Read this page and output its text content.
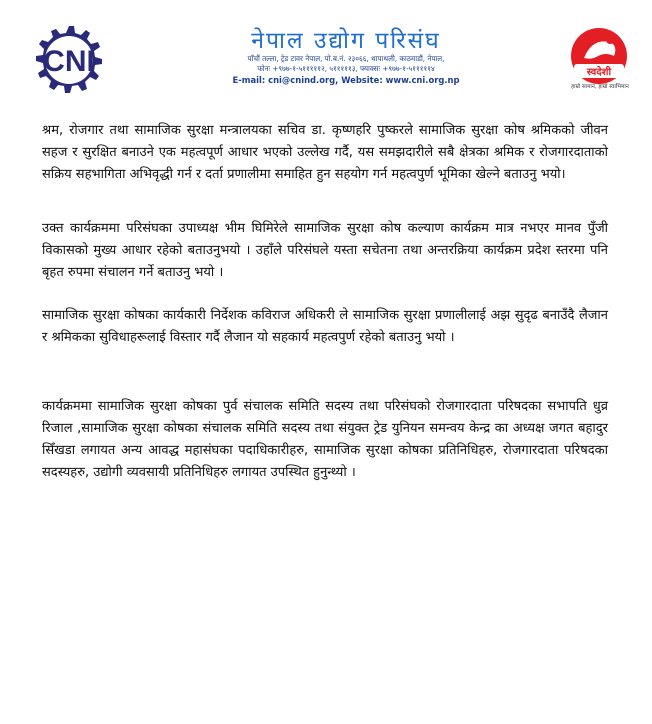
CNI
नेपाल उद्योग परिसंघ
पाँचौं तल्ला, ट्रेड टावर नेपाल, पो.ब.नं. २३०६६, थापाथली, काठमाडौं, नेपाल,
फोनः +९७७-१-५१११११२, ५१११११३, फ्याक्सः +९७७-१-५१११११४
E-mail: cni@cnind.org, Website: www.cni.org.np
स्वदेशी
हाम्रो सामान, हाम्रो स्वाभिमान

श्रम, रोजगार तथा सामाजिक सुरक्षा मन्त्रालयका सचिव डा. कृष्णहरि पुष्करले सामाजिक सुरक्षा कोष श्रमिकको जीवन सहज र सुरक्षित बनाउने एक महत्वपूर्ण आधार भएको उल्लेख गर्दै, यस समझदारीले सबै क्षेत्रका श्रमिक र रोजगारदाताको सक्रिय सहभागिता अभिवृद्धी गर्न र दर्ता प्रणालीमा समाहित हुन सहयोग गर्न महत्वपुर्ण भूमिका खेल्ने बताउनु भयो।

उक्त कार्यक्रममा परिसंघका उपाध्यक्ष भीम घिमिरेले सामाजिक सुरक्षा कोष कल्याण कार्यक्रम मात्र नभएर मानव पुँजी विकासको मुख्य आधार रहेको बताउनुभयो । उहाँले परिसंघले यस्ता सचेतना तथा अन्तरक्रिया कार्यक्रम प्रदेश स्तरमा पनि बृहत रुपमा संचालन गर्ने बताउनु भयो ।

सामाजिक सुरक्षा कोषका कार्यकारी निर्देशक कविराज अधिकरी ले सामाजिक सुरक्षा प्रणालीलाई अझ सुदृढ बनाउँदै लैजान र श्रमिकका सुविधाहरूलाई विस्तार गर्दै लैजान यो सहकार्य महत्वपुर्ण रहेको बताउनु भयो ।

कार्यक्रममा सामाजिक सुरक्षा कोषका पुर्व संचालक समिति सदस्य तथा परिसंघको रोजगारदाता परिषदका सभापति धुव्र रिजाल ,सामाजिक सुरक्षा कोषका संचालक समिति सदस्य तथा संयुक्त ट्रेड युनियन समन्वय केन्द्र का अध्यक्ष जगत बहादुर सिँखडा लगायत अन्य आवद्ध महासंघका पदाधिकारीहरु, सामाजिक सुरक्षा कोषका प्रतिनिधिहरु, रोजगारदाता परिषदका सदस्यहरु, उद्योगी व्यवसायी प्रतिनिधिहरु लगायत उपस्थित हुनुन्थ्यो ।
